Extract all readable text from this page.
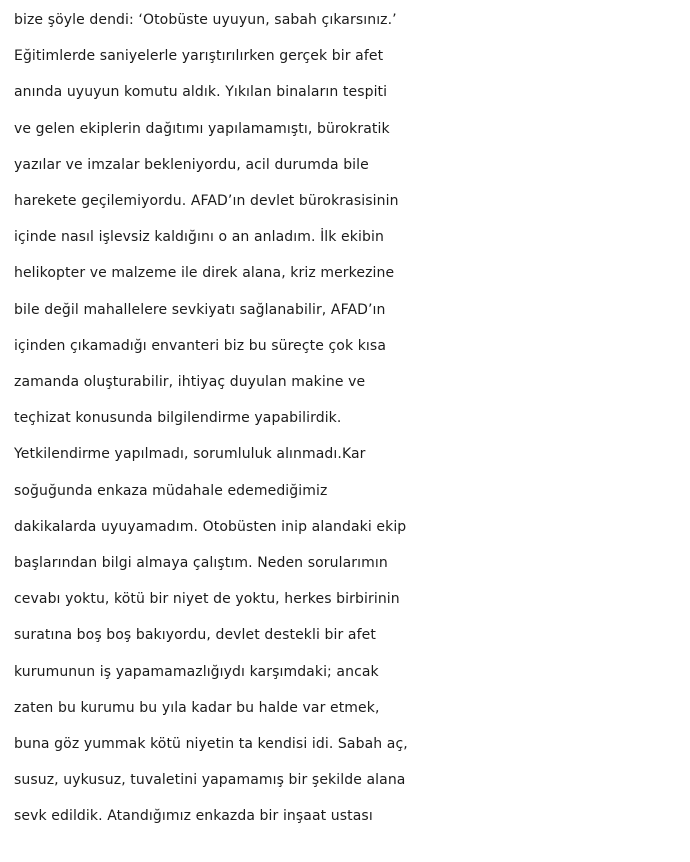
bize şöyle dendi: ‘Otobüste uyuyun, sabah çıkarsınız.’
Eğitimlerde saniyelerle yarıştırılırken gerçek bir afet
anında uyuyun komutu aldık. Yıkılan binaların tespiti
ve gelen ekiplerin dağıtımı yapılamamıştı, bürokratik
yazılar ve imzalar bekleniyordu, acil durumda bile
harekete geçilemiyordu. AFAD’ın devlet bürokrasisinin
içinde nasıl işlevsiz kaldığını o an anladım. İlk ekibin
helikopter ve malzeme ile direk alana, kriz merkezine
bile değil mahallelere sevkiyatı sağlanabilir, AFAD’ın
içinden çıkamadığı envanteri biz bu süreçte çok kısa
zamanda oluşturabilir, ihtiyaç duyulan makine ve
teçhizat konusunda bilgilendirme yapabilirdik.
Yetkilendirme yapılmadı, sorumluluk alınmadı.Kar
soğuğunda enkaza müdahale edemediğimiz
dakikalarda uyuyamadım. Otobüsten inip alandaki ekip
başlarından bilgi almaya çalıştım. Neden sorularımın
cevabı yoktu, kötü bir niyet de yoktu, herkes birbirinin
suratına boş boş bakıyordu, devlet destekli bir afet
kurumunun iş yapamamazlığıydı karşımdaki; ancak
zaten bu kurumu bu yıla kadar bu halde var etmek,
buna göz yummak kötü niyetin ta kendisi idi. Sabah aç,
susuz, uykusuz, tuvaletini yapamamış bir şekilde alana
sevk edildik. Atandığımız enkazda bir inşaat ustası
